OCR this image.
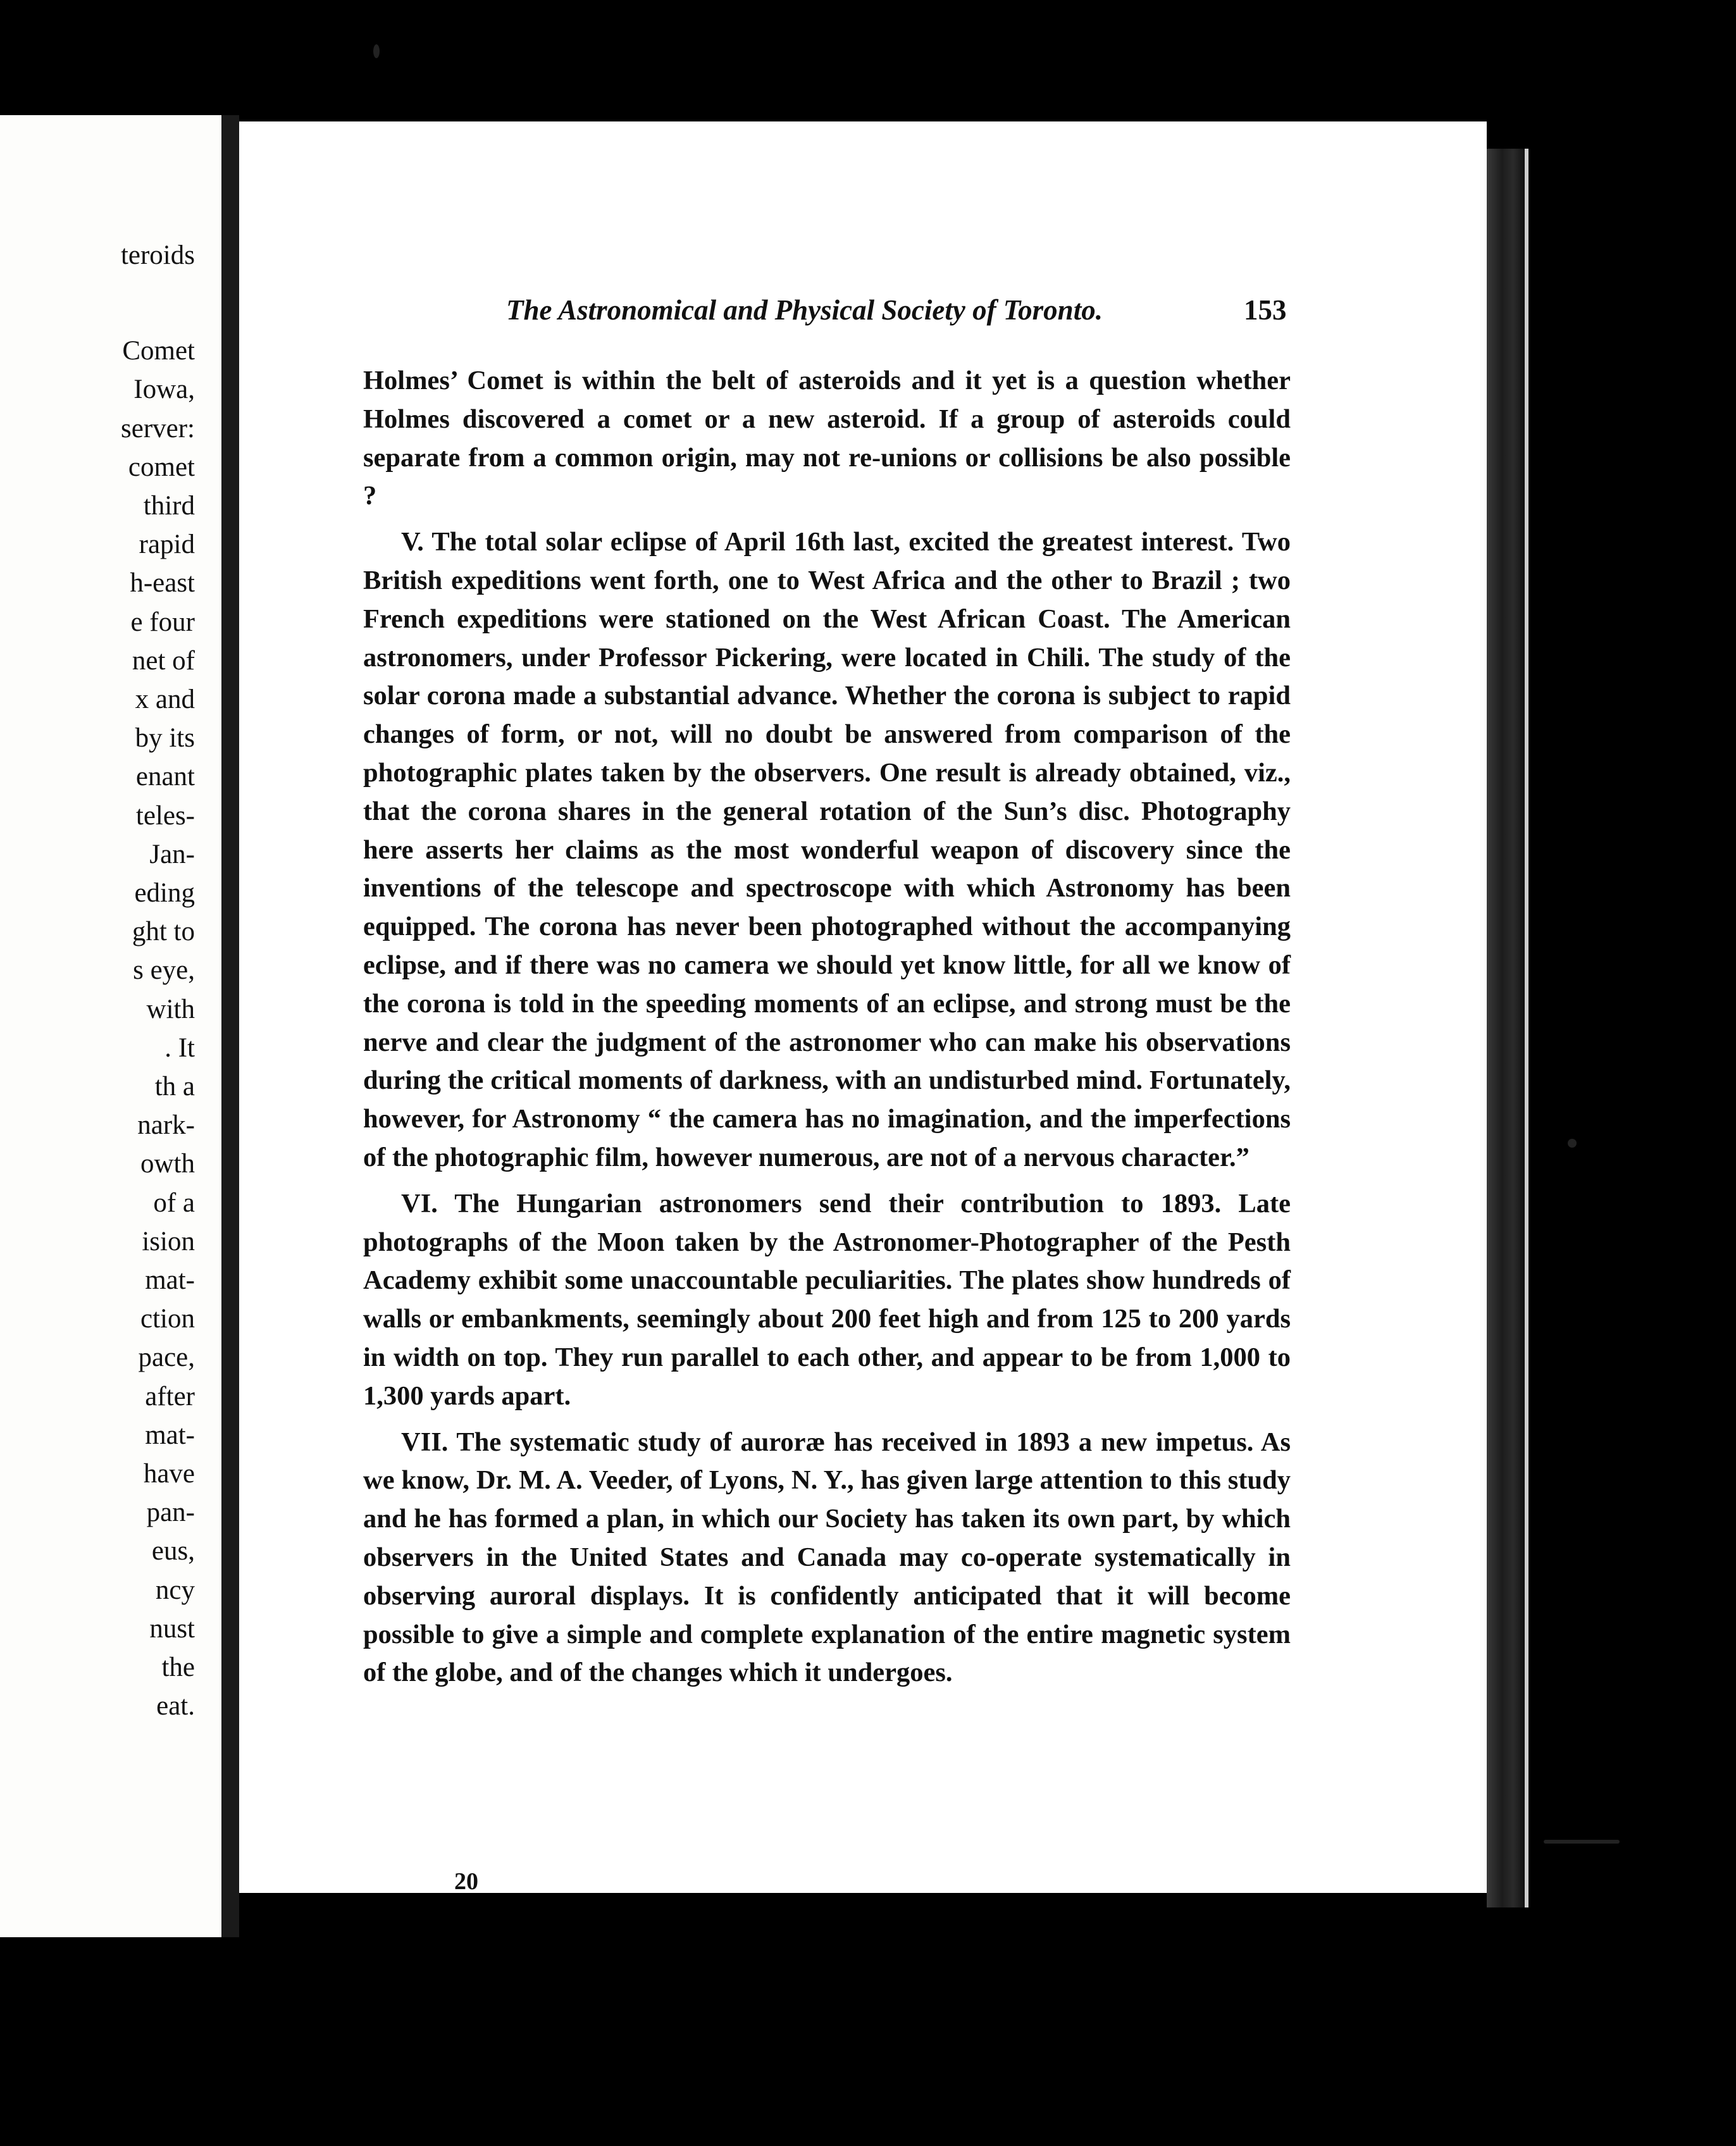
teroids
Comet
Iowa,
server:
comet
third
rapid
h-east
e four
net of
x and
by its
enant
teles-
Jan-
eding
ght to
s eye,
with
. It
th a
nark-
owth
of a
ision
mat-
ction
pace,
after
mat-
have
pan-
eus,
ncy
nust
the
eat.
The Astronomical and Physical Society of Toronto.	153

Holmes’ Comet is within the belt of asteroids and it yet is a question whether Holmes discovered a comet or a new asteroid. If a group of asteroids could separate from a common origin, may not re-unions or collisions be also possible ?

V. The total solar eclipse of April 16th last, excited the greatest interest. Two British expeditions went forth, one to West Africa and the other to Brazil ; two French expeditions were stationed on the West African Coast. The American astronomers, under Professor Pickering, were located in Chili. The study of the solar corona made a substantial advance. Whether the corona is subject to rapid changes of form, or not, will no doubt be answered from comparison of the photographic plates taken by the observers. One result is already obtained, viz., that the corona shares in the general rotation of the Sun’s disc. Photography here asserts her claims as the most wonderful weapon of discovery since the inventions of the telescope and spectroscope with which Astronomy has been equipped. The corona has never been photographed without the accompanying eclipse, and if there was no camera we should yet know little, for all we know of the corona is told in the speeding moments of an eclipse, and strong must be the nerve and clear the judgment of the astronomer who can make his observations during the critical moments of darkness, with an undisturbed mind. Fortunately, however, for Astronomy “ the camera has no imagination, and the imperfections of the photographic film, however numerous, are not of a nervous character.”

VI. The Hungarian astronomers send their contribution to 1893. Late photographs of the Moon taken by the Astronomer-Photographer of the Pesth Academy exhibit some unaccountable peculiarities. The plates show hundreds of walls or embankments, seemingly about 200 feet high and from 125 to 200 yards in width on top. They run parallel to each other, and appear to be from 1,000 to 1,300 yards apart.

VII. The systematic study of auroræ has received in 1893 a new impetus. As we know, Dr. M. A. Veeder, of Lyons, N. Y., has given large attention to this study and he has formed a plan, in which our Society has taken its own part, by which observers in the United States and Canada may co-operate systematically in observing auroral displays. It is confidently anticipated that it will become possible to give a simple and complete explanation of the entire magnetic system of the globe, and of the changes which it undergoes.

20
